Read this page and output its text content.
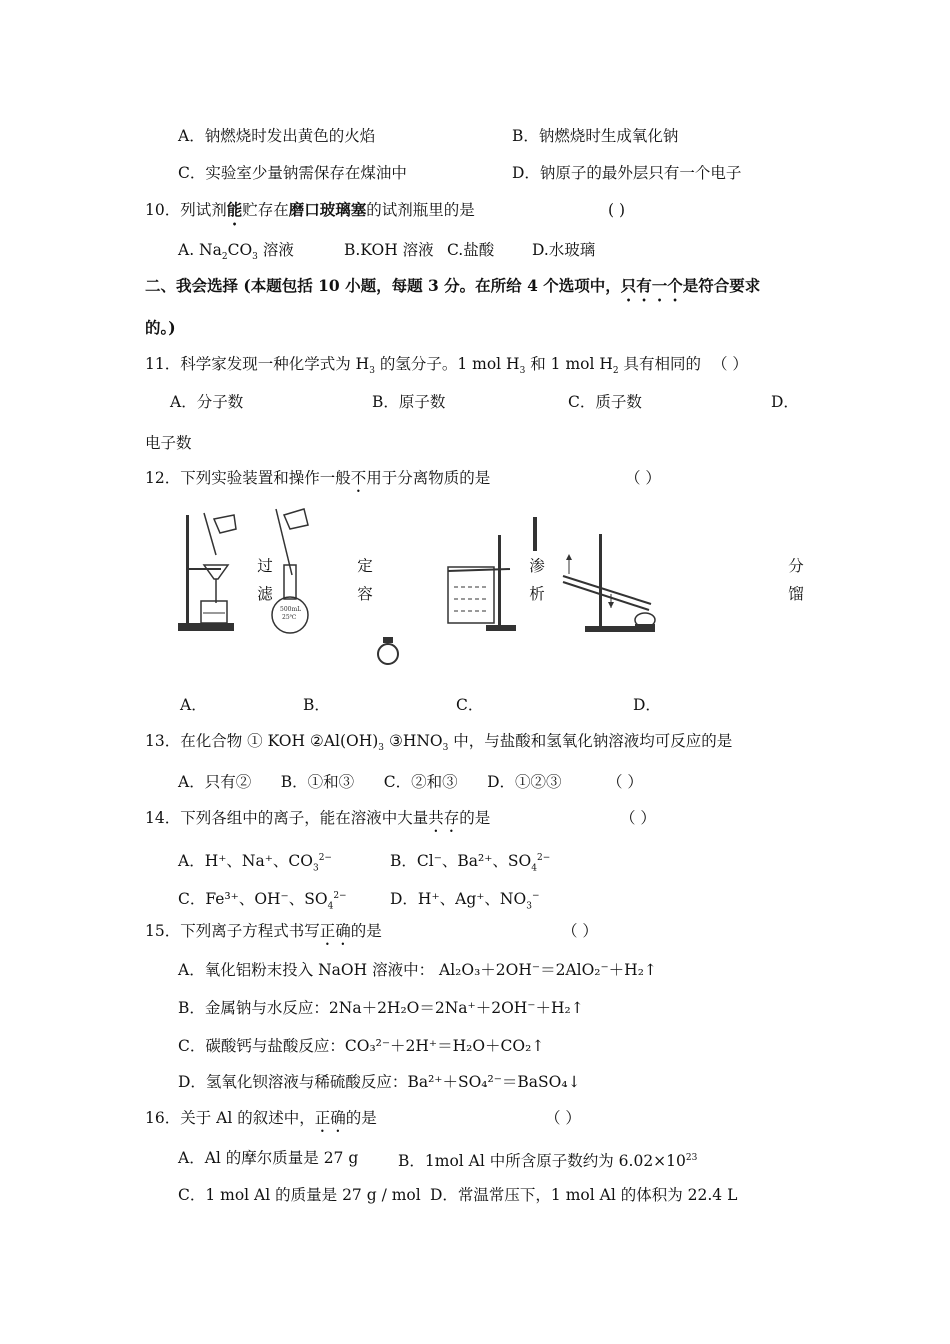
A．钠燃烧时发出黄色的火焰	B．钠燃烧时生成氧化钠
C．实验室少量钠需保存在煤油中	D．钠原子的最外层只有一个电子
10．列试剂能贮存在磨口玻璃塞的试剂瓶里的是	( )
A. $Na_2CO_3$ 溶液	B.KOH 溶液 C.盐酸 D.水玻璃
二、我会选择 (本题包括 10 小题，每题 3 分。在所给 4 个选项中，只有一个是符合要求
的。)
11．科学家发现一种化学式为 $H_3$ 的氢分子。1 mol $H_3$ 和 1 mol $H_2$ 具有相同的 （ ）
A．分子数	B．原子数	C．质子数	D．
电子数
12．下列实验装置和操作一般不用于分离物质的是	（ ）
过滤
500mL
25℃
定容
渗析
分馏
A．	B．	C．	D．
13．在化合物 ① KOH $②Al(OH)_3$ $③HNO_3$ 中，与盐酸和氢氧化钠溶液均可反应的是
A．只有②      B．①和③      C．②和③      D．①②③	（ ）
14．下列各组中的离子，能在溶液中大量共存的是	（ ）
A．H⁺、Na⁺、$CO_3^{2-}$	B．Cl⁻、Ba²⁺、$SO_4^{2-}$
C．Fe³⁺、OH⁻、$SO_4^{2-}$	D．H⁺、Ag⁺、$NO_3^-$
15．下列离子方程式书写正确的是	（ ）
A．氧化铝粉末投入 NaOH 溶液中： Al₂O₃＋2OH⁻＝2AlO₂⁻＋H₂↑
B．金属钠与水反应：2Na＋2H₂O＝2Na⁺＋2OH⁻＋H₂↑
C．碳酸钙与盐酸反应：CO₃²⁻＋2H⁺＝H₂O＋CO₂↑
D．氢氧化钡溶液与稀硫酸反应：Ba²⁺＋SO₄²⁻＝BaSO₄↓
16．关于 Al 的叙述中，正确的是	（ ）
A．Al 的摩尔质量是 27 g	B．1mol Al 中所含原子数约为 $6.02\times 10^{23}$
C．1 mol Al 的质量是 27 g / mol D．常温常压下，1 mol Al 的体积为 22.4 L
